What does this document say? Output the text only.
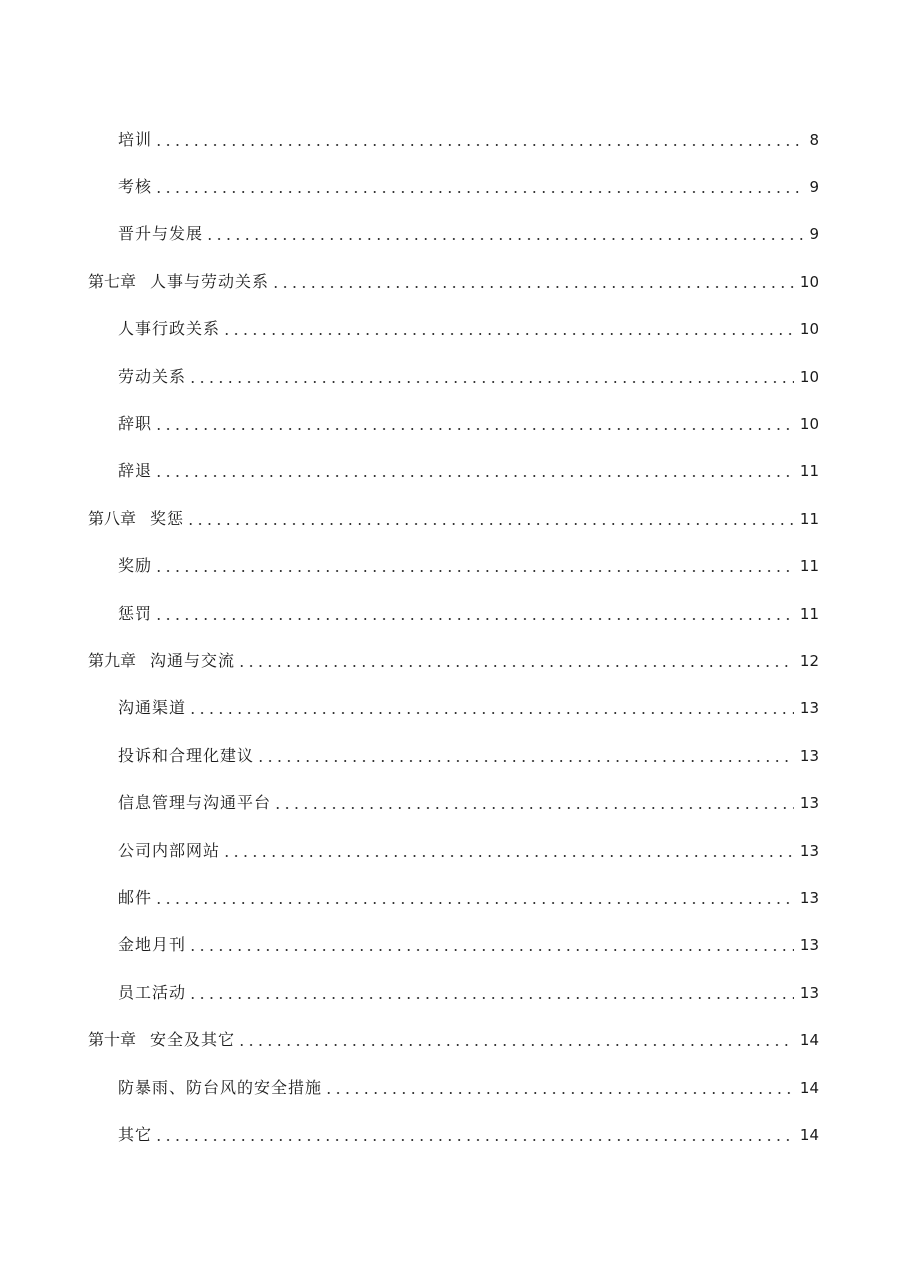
培训	8
考核	9
晋升与发展	9
第七章 人事与劳动关系	10
人事行政关系	10
劳动关系	10
辞职	10
辞退	11
第八章 奖惩	11
奖励	11
惩罚	11
第九章 沟通与交流	12
沟通渠道	13
投诉和合理化建议	13
信息管理与沟通平台	13
公司内部网站	13
邮件	13
金地月刊	13
员工活动	13
第十章 安全及其它	14
防暴雨、防台风的安全措施	14
其它	14
